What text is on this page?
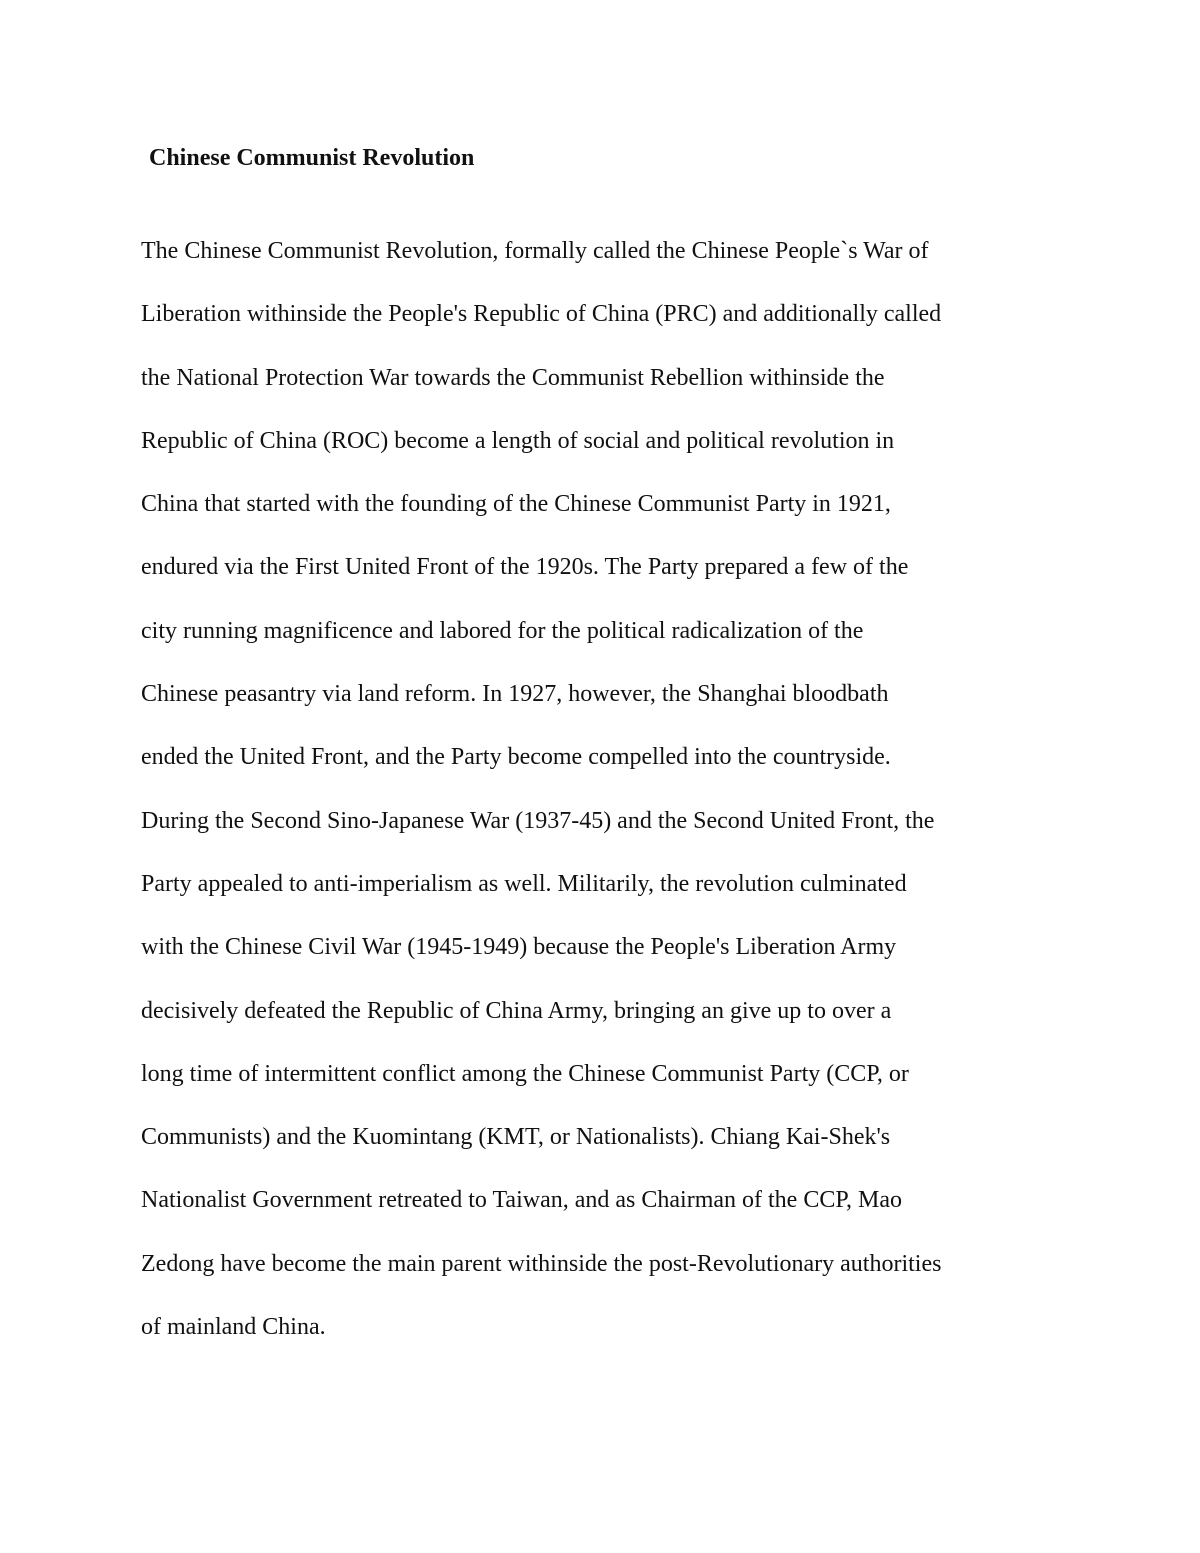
Chinese Communist Revolution
The Chinese Communist Revolution, formally called the Chinese People`s War of
Liberation withinside the People's Republic of China (PRC) and additionally called
the National Protection War towards the Communist Rebellion withinside the
Republic of China (ROC) become a length of social and political revolution in
China that started with the founding of the Chinese Communist Party in 1921,
endured via the First United Front of the 1920s. The Party prepared a few of the
city running magnificence and labored for the political radicalization of the
Chinese peasantry via land reform. In 1927, however, the Shanghai bloodbath
ended the United Front, and the Party become compelled into the countryside.
During the Second Sino-Japanese War (1937-45) and the Second United Front, the
Party appealed to anti-imperialism as well. Militarily, the revolution culminated
with the Chinese Civil War (1945-1949) because the People's Liberation Army
decisively defeated the Republic of China Army, bringing an give up to over a
long time of intermittent conflict among the Chinese Communist Party (CCP, or
Communists) and the Kuomintang (KMT, or Nationalists). Chiang Kai-Shek's
Nationalist Government retreated to Taiwan, and as Chairman of the CCP, Mao
Zedong have become the main parent withinside the post-Revolutionary authorities
of mainland China.
